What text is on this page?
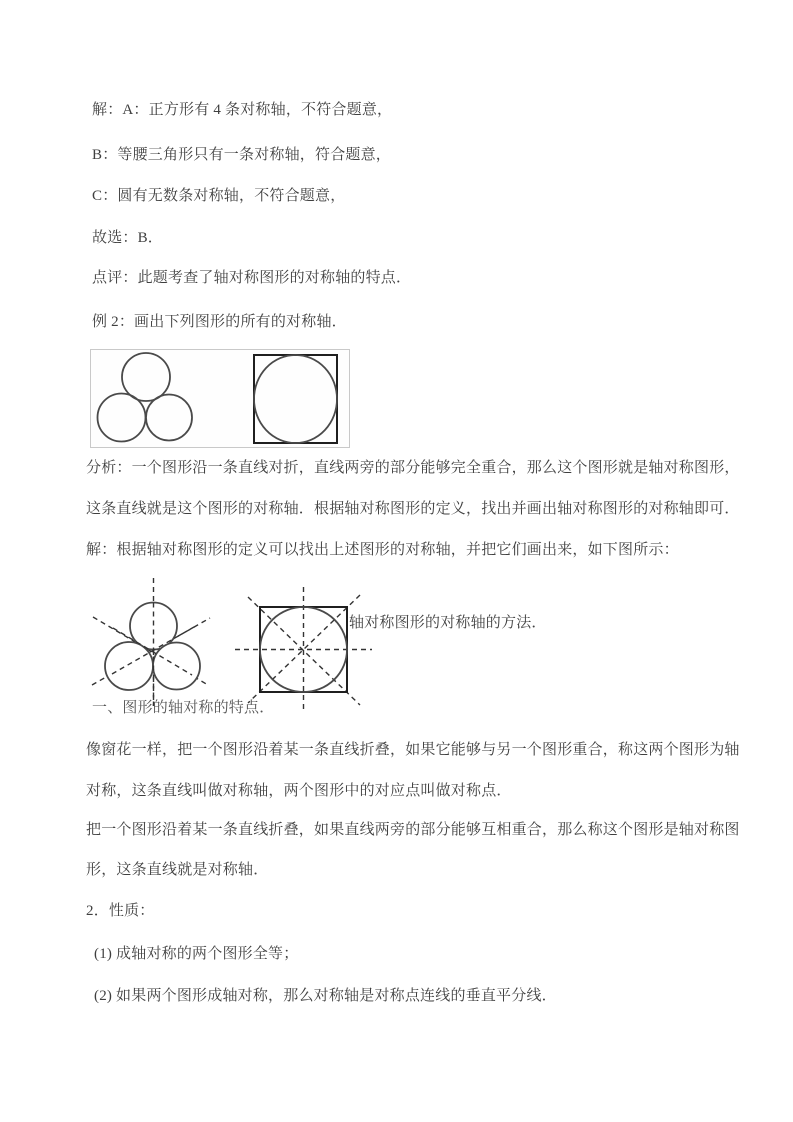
解：A：正方形有 4 条对称轴，不符合题意，
B：等腰三角形只有一条对称轴，符合题意，
C：圆有无数条对称轴，不符合题意，
故选：B．
点评：此题考查了轴对称图形的对称轴的特点．
例 2：画出下列图形的所有的对称轴．
分析：一个图形沿一条直线对折，直线两旁的部分能够完全重合，那么这个图形就是轴对称图形，
这条直线就是这个图形的对称轴．根据轴对称图形的定义，找出并画出轴对称图形的对称轴即可．
解：根据轴对称图形的定义可以找出上述图形的对称轴，并把它们画出来，如下图所示：
轴对称图形的对称轴的方法．
一、图形的轴对称的特点．
像窗花一样，把一个图形沿着某一条直线折叠，如果它能够与另一个图形重合，称这两个图形为轴
对称，这条直线叫做对称轴，两个图形中的对应点叫做对称点．
把一个图形沿着某一条直线折叠，如果直线两旁的部分能够互相重合，那么称这个图形是轴对称图
形，这条直线就是对称轴．
2．性质：
(1) 成轴对称的两个图形全等；
(2) 如果两个图形成轴对称，那么对称轴是对称点连线的垂直平分线．
